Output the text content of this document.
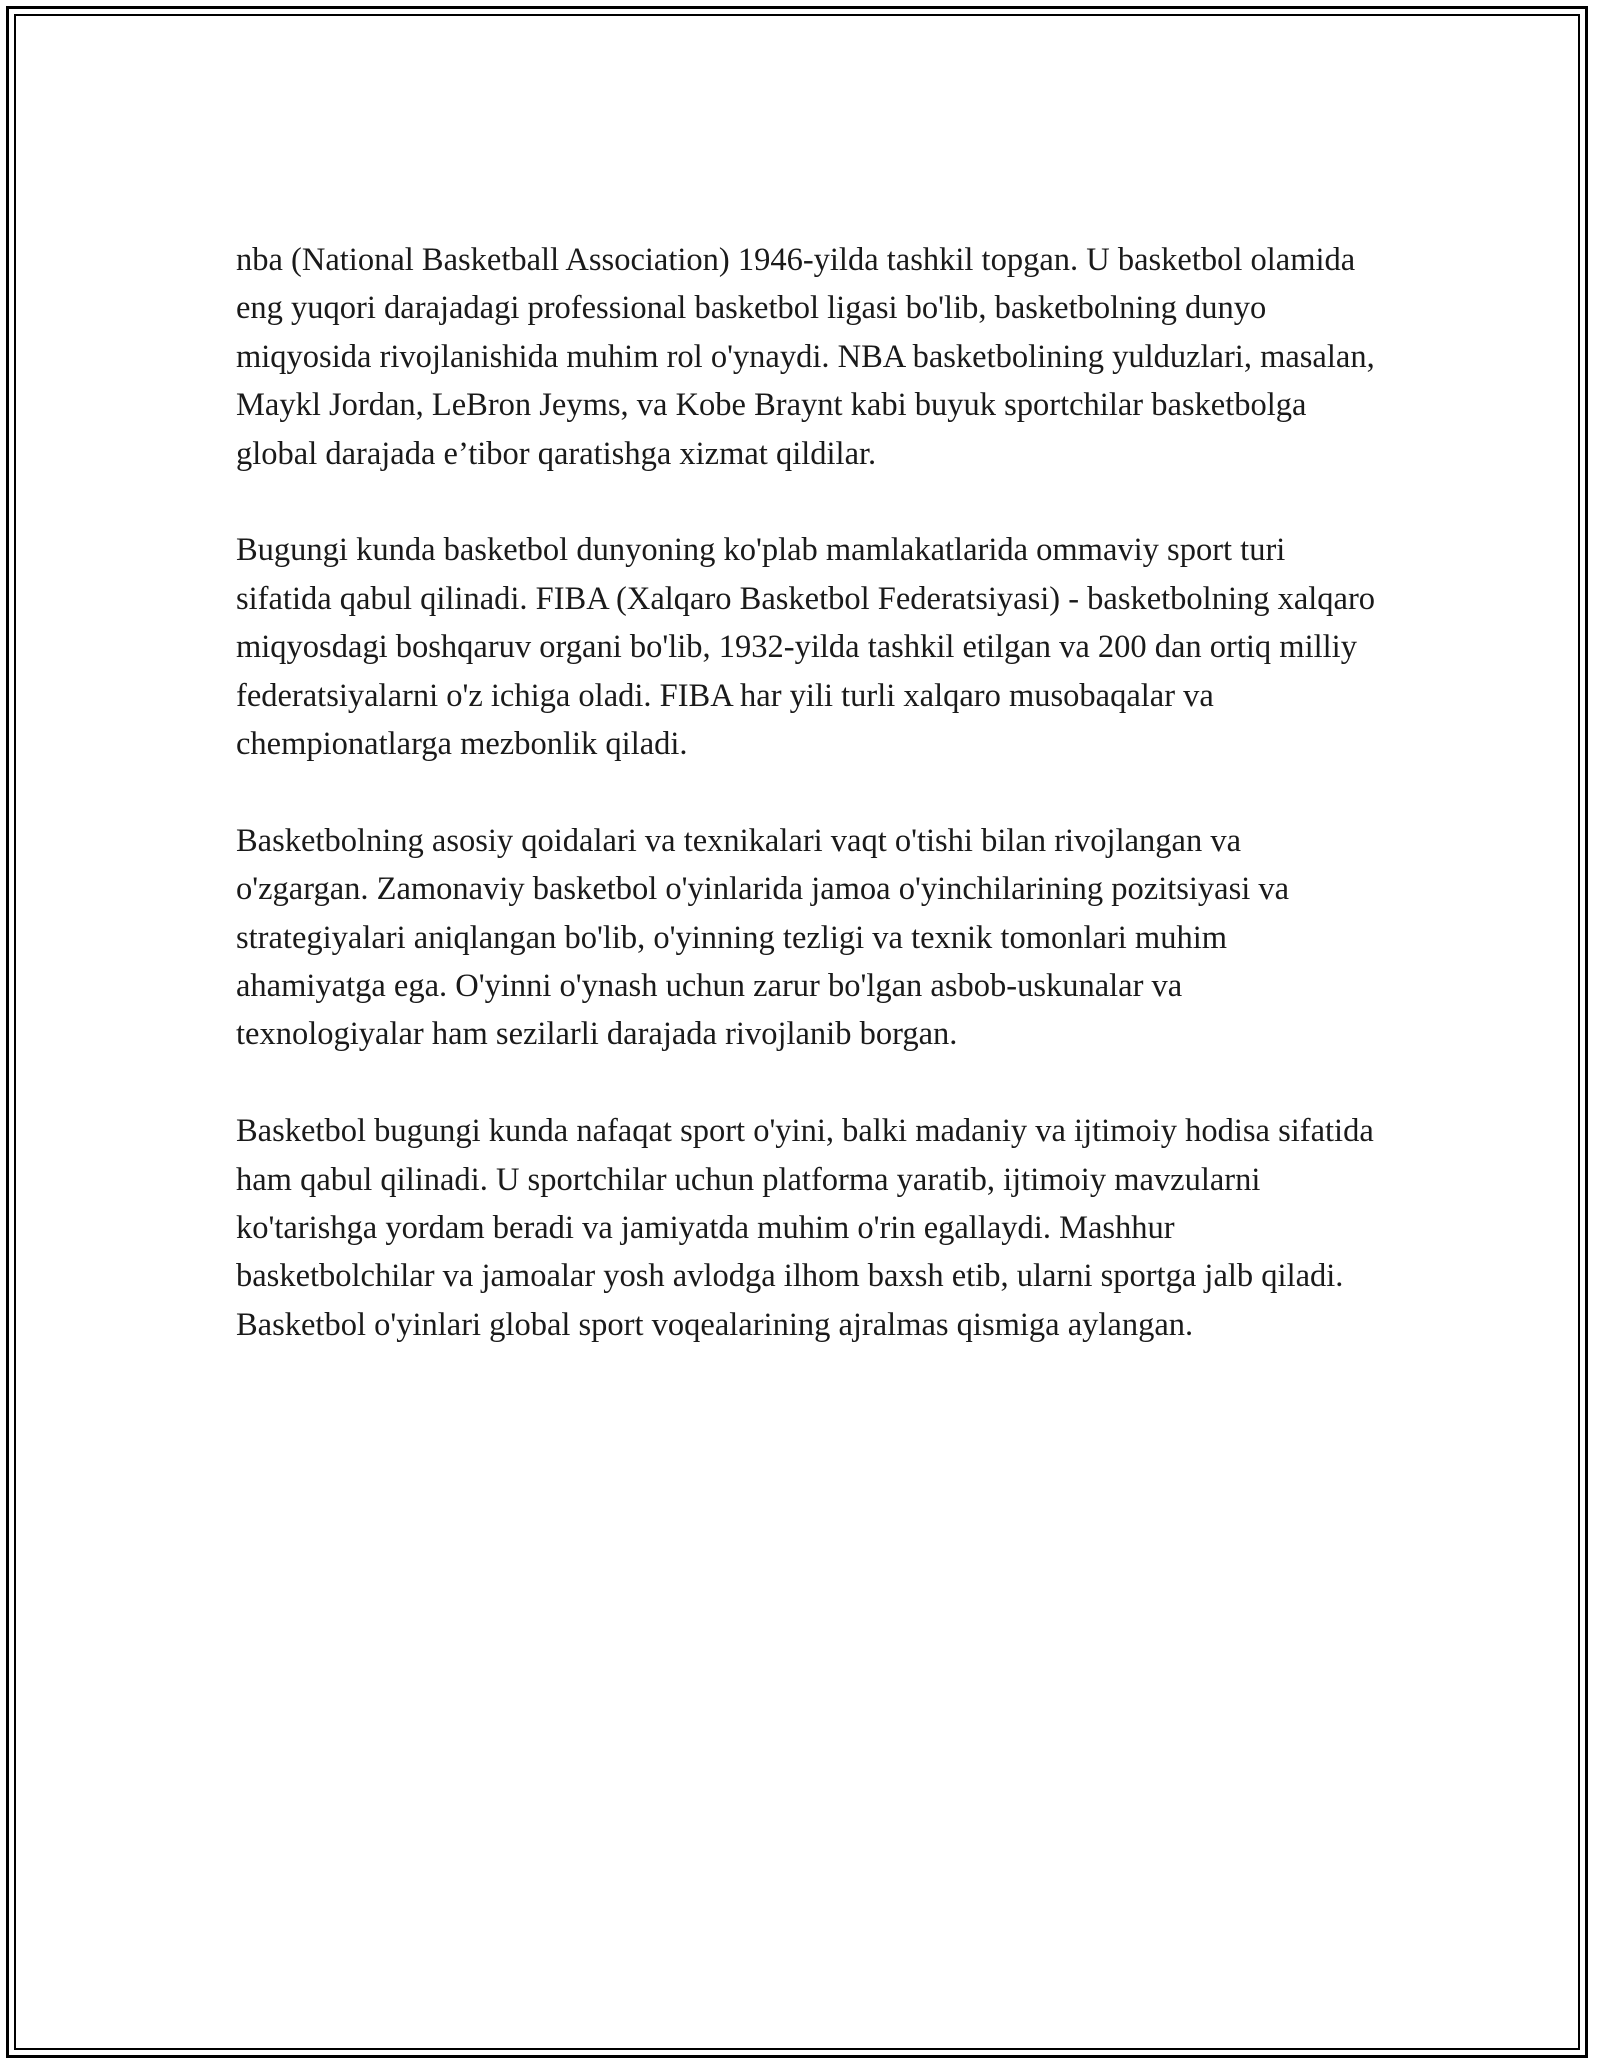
nba (National Basketball Association) 1946-yilda tashkil topgan. U basketbol olamida eng yuqori darajadagi professional basketbol ligasi bo'lib, basketbolning dunyo miqyosida rivojlanishida muhim rol o'ynaydi. NBA basketbolining yulduzlari, masalan, Maykl Jordan, LeBron Jeyms, va Kobe Braynt kabi buyuk sportchilar basketbolga global darajada e’tibor qaratishga xizmat qildilar.

Bugungi kunda basketbol dunyoning ko'plab mamlakatlarida ommaviy sport turi sifatida qabul qilinadi. FIBA (Xalqaro Basketbol Federatsiyasi) - basketbolning xalqaro miqyosdagi boshqaruv organi bo'lib, 1932-yilda tashkil etilgan va 200 dan ortiq milliy federatsiyalarni o'z ichiga oladi. FIBA har yili turli xalqaro musobaqalar va chempionatlarga mezbonlik qiladi.

Basketbolning asosiy qoidalari va texnikalari vaqt o'tishi bilan rivojlangan va o'zgargan. Zamonaviy basketbol o'yinlarida jamoa o'yinchilarining pozitsiyasi va strategiyalari aniqlangan bo'lib, o'yinning tezligi va texnik tomonlari muhim ahamiyatga ega. O'yinni o'ynash uchun zarur bo'lgan asbob-uskunalar va texnologiyalar ham sezilarli darajada rivojlanib borgan.

Basketbol bugungi kunda nafaqat sport o'yini, balki madaniy va ijtimoiy hodisa sifatida ham qabul qilinadi. U sportchilar uchun platforma yaratib, ijtimoiy mavzularni ko'tarishga yordam beradi va jamiyatda muhim o'rin egallaydi. Mashhur basketbolchilar va jamoalar yosh avlodga ilhom baxsh etib, ularni sportga jalb qiladi. Basketbol o'yinlari global sport voqealarining ajralmas qismiga aylangan.
